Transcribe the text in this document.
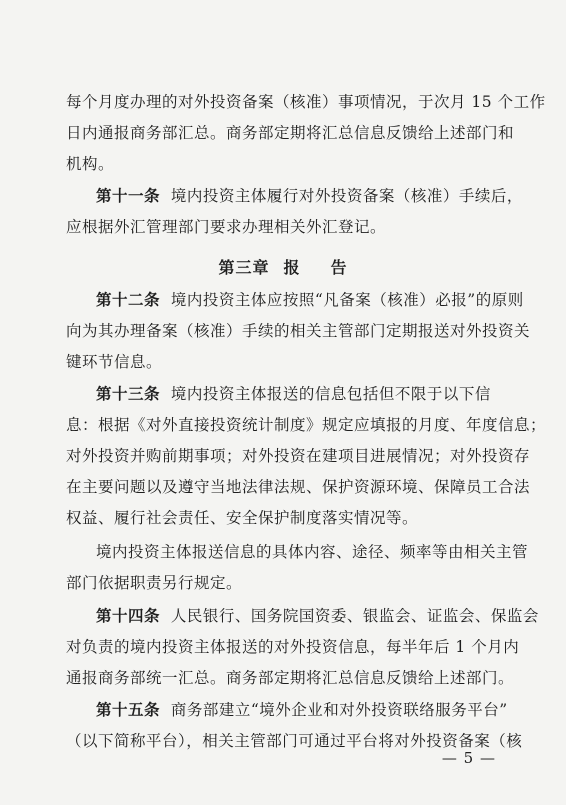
每个月度办理的对外投资备案（核准）事项情况，于次月 15 个工作
日内通报商务部汇总。商务部定期将汇总信息反馈给上述部门和
机构。
第十一条 境内投资主体履行对外投资备案（核准）手续后，
应根据外汇管理部门要求办理相关外汇登记。
第三章 报 告
第十二条 境内投资主体应按照“凡备案（核准）必报”的原则
向为其办理备案（核准）手续的相关主管部门定期报送对外投资关
键环节信息。
第十三条 境内投资主体报送的信息包括但不限于以下信
息：根据《对外直接投资统计制度》规定应填报的月度、年度信息；
对外投资并购前期事项；对外投资在建项目进展情况；对外投资存
在主要问题以及遵守当地法律法规、保护资源环境、保障员工合法
权益、履行社会责任、安全保护制度落实情况等。
境内投资主体报送信息的具体内容、途径、频率等由相关主管
部门依据职责另行规定。
第十四条 人民银行、国务院国资委、银监会、证监会、保监会
对负责的境内投资主体报送的对外投资信息，每半年后 1 个月内
通报商务部统一汇总。商务部定期将汇总信息反馈给上述部门。
第十五条 商务部建立“境外企业和对外投资联络服务平台”
（以下简称平台），相关主管部门可通过平台将对外投资备案（核
— 5 —
